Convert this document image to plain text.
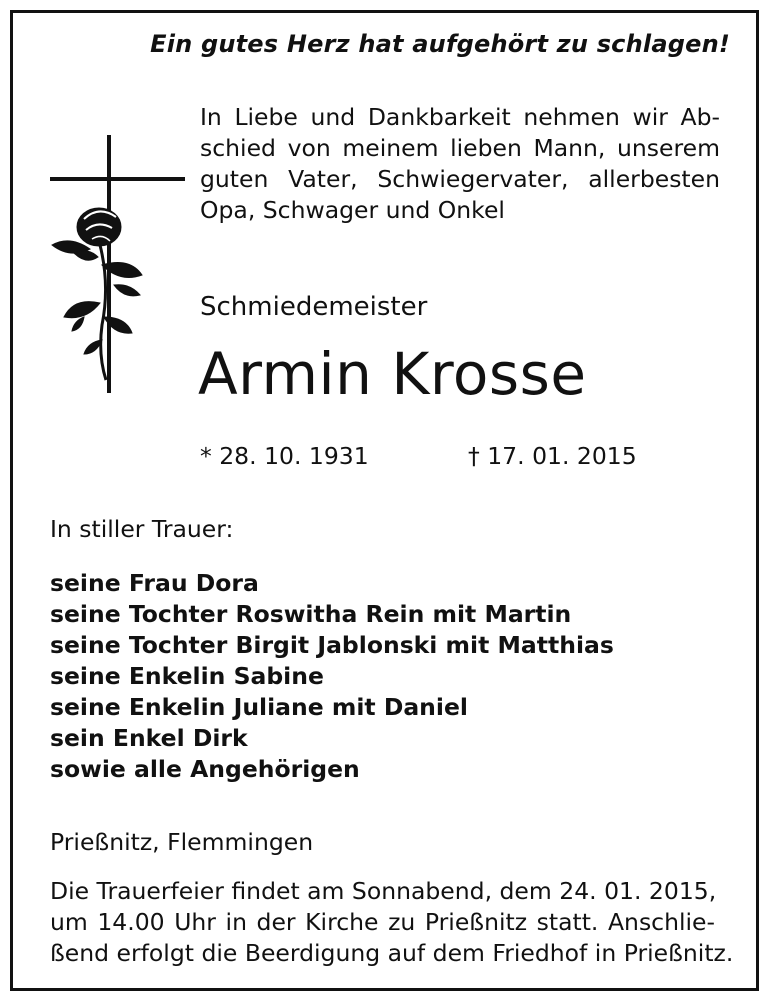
Ein gutes Herz hat aufgehört zu schlagen!
In Liebe und Dankbarkeit nehmen wir Ab-
schied von meinem lieben Mann, unserem
guten Vater, Schwiegervater, allerbesten
Opa, Schwager und Onkel
Schmiedemeister
Armin Krosse
* 28. 10. 1931	† 17. 01. 2015
In stiller Trauer:
seine Frau Dora
seine Tochter Roswitha Rein mit Martin
seine Tochter Birgit Jablonski mit Matthias
seine Enkelin Sabine
seine Enkelin Juliane mit Daniel
sein Enkel Dirk
sowie alle Angehörigen
Prießnitz, Flemmingen
Die Trauerfeier findet am Sonnabend, dem 24. 01. 2015,
um 14.00 Uhr in der Kirche zu Prießnitz statt. Anschlie-
ßend erfolgt die Beerdigung auf dem Friedhof in Prießnitz.
